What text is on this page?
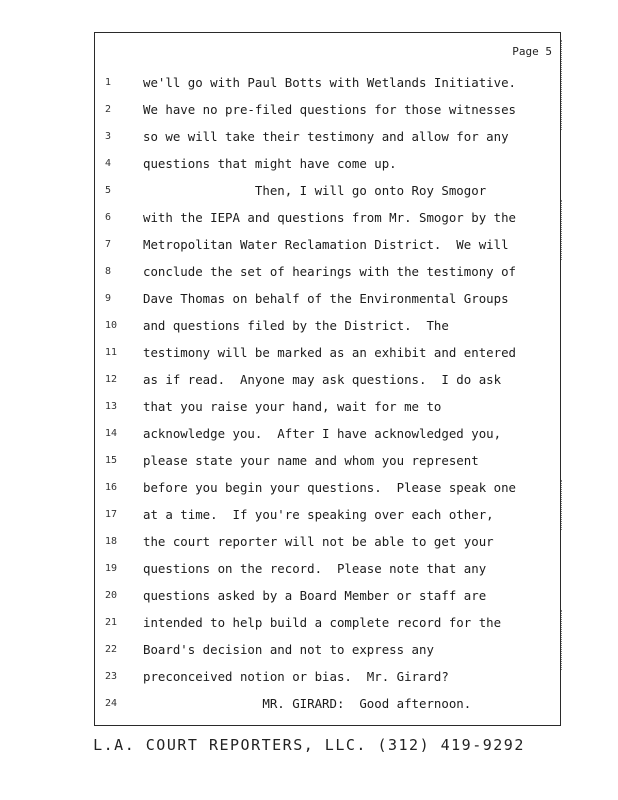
Page 5
1	we'll go with Paul Botts with Wetlands Initiative.
2	We have no pre-filed questions for those witnesses
3	so we will take their testimony and allow for any
4	questions that might have come up.
5	Then, I will go onto Roy Smogor
6	with the IEPA and questions from Mr. Smogor by the
7	Metropolitan Water Reclamation District.  We will
8	conclude the set of hearings with the testimony of
9	Dave Thomas on behalf of the Environmental Groups
10	and questions filed by the District.  The
11	testimony will be marked as an exhibit and entered
12	as if read.  Anyone may ask questions.  I do ask
13	that you raise your hand, wait for me to
14	acknowledge you.  After I have acknowledged you,
15	please state your name and whom you represent
16	before you begin your questions.  Please speak one
17	at a time.  If you're speaking over each other,
18	the court reporter will not be able to get your
19	questions on the record.  Please note that any
20	questions asked by a Board Member or staff are
21	intended to help build a complete record for the
22	Board's decision and not to express any
23	preconceived notion or bias.  Mr. Girard?
24	MR. GIRARD:  Good afternoon.
L.A. COURT REPORTERS, LLC. (312) 419-9292
